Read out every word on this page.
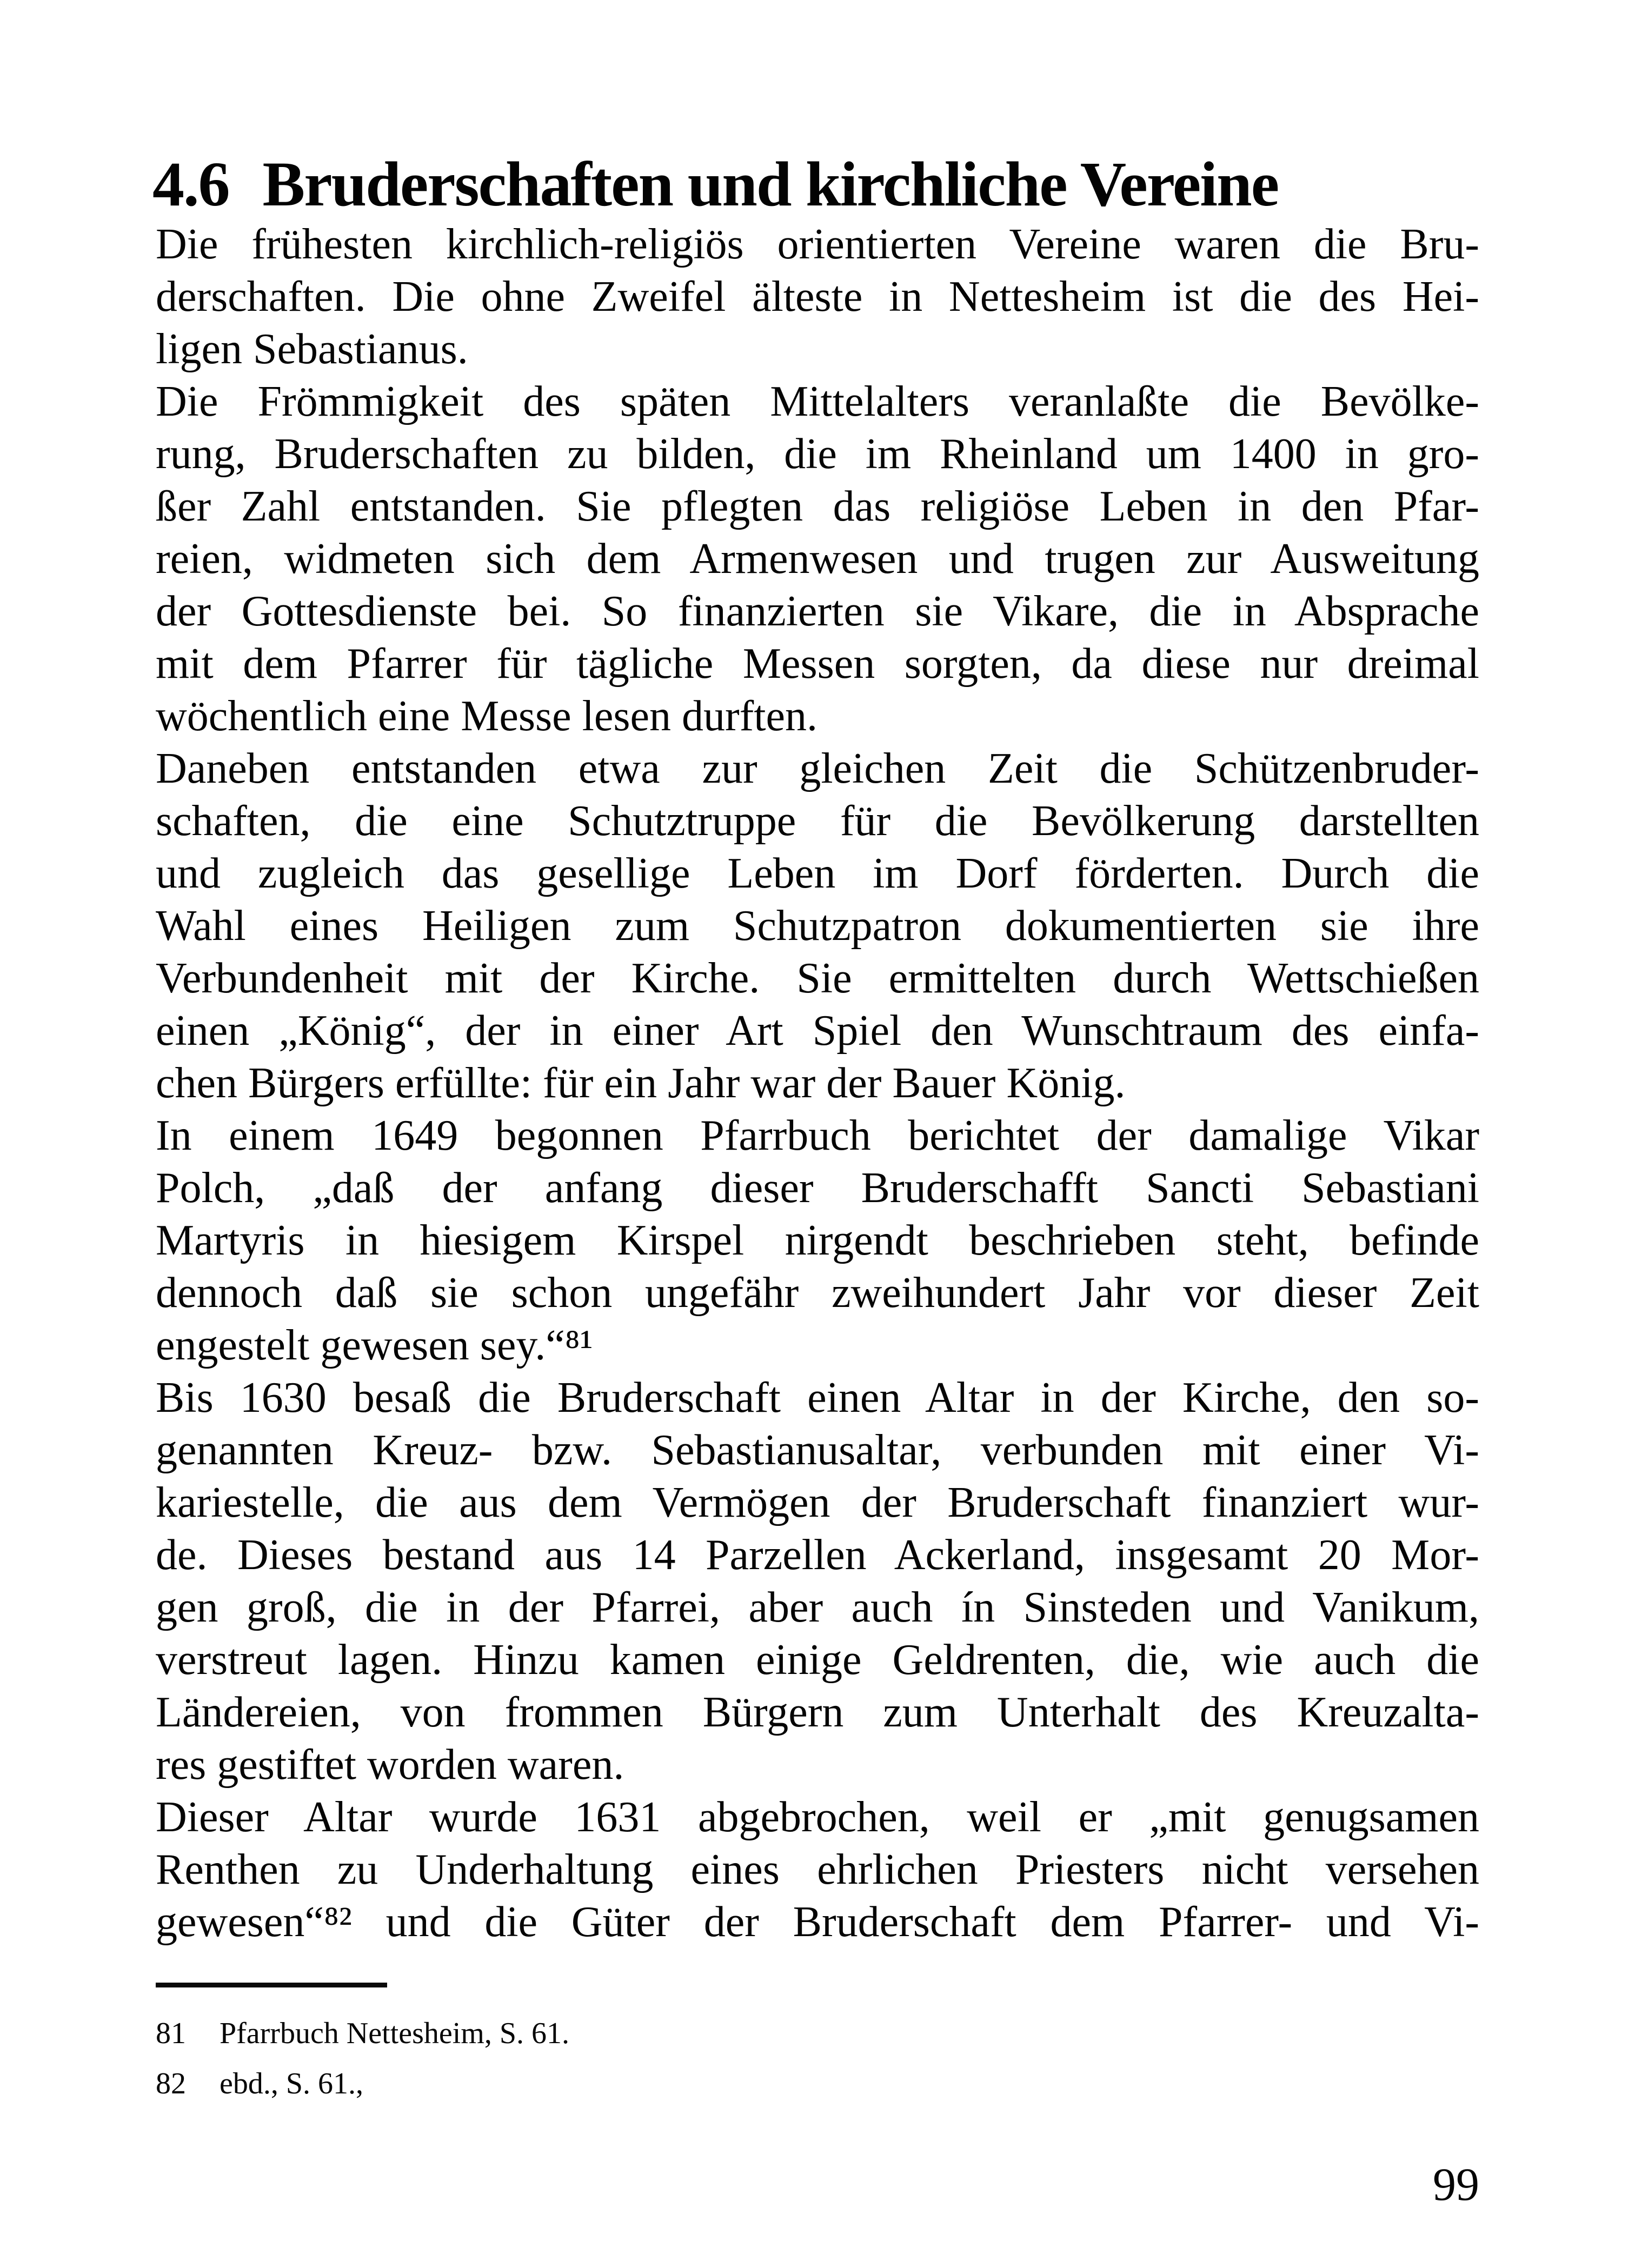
4.6 Bruderschaften und kirchliche Vereine
Die frühesten kirchlich-religiös orientierten Vereine waren die Bru-
derschaften. Die ohne Zweifel älteste in Nettesheim ist die des Hei-
ligen Sebastianus.
Die Frömmigkeit des späten Mittelalters veranlaßte die Bevölke-
rung, Bruderschaften zu bilden, die im Rheinland um 1400 in gro-
ßer Zahl entstanden. Sie pflegten das religiöse Leben in den Pfar-
reien, widmeten sich dem Armenwesen und trugen zur Ausweitung
der Gottesdienste bei. So finanzierten sie Vikare, die in Absprache
mit dem Pfarrer für tägliche Messen sorgten, da diese nur dreimal
wöchentlich eine Messe lesen durften.
Daneben entstanden etwa zur gleichen Zeit die Schützenbruder-
schaften, die eine Schutztruppe für die Bevölkerung darstellten
und zugleich das gesellige Leben im Dorf förderten. Durch die
Wahl eines Heiligen zum Schutzpatron dokumentierten sie ihre
Verbundenheit mit der Kirche. Sie ermittelten durch Wettschießen
einen „König“, der in einer Art Spiel den Wunschtraum des einfa-
chen Bürgers erfüllte: für ein Jahr war der Bauer König.
In einem 1649 begonnen Pfarrbuch berichtet der damalige Vikar
Polch, „daß der anfang dieser Bruderschafft Sancti Sebastiani
Martyris in hiesigem Kirspel nirgendt beschrieben steht, befinde
dennoch daß sie schon ungefähr zweihundert Jahr vor dieser Zeit
engestelt gewesen sey.“⁸¹
Bis 1630 besaß die Bruderschaft einen Altar in der Kirche, den so-
genannten Kreuz- bzw. Sebastianusaltar, verbunden mit einer Vi-
kariestelle, die aus dem Vermögen der Bruderschaft finanziert wur-
de. Dieses bestand aus 14 Parzellen Ackerland, insgesamt 20 Mor-
gen groß, die in der Pfarrei, aber auch ín Sinsteden und Vanikum,
verstreut lagen. Hinzu kamen einige Geldrenten, die, wie auch die
Ländereien, von frommen Bürgern zum Unterhalt des Kreuzalta-
res gestiftet worden waren.
Dieser Altar wurde 1631 abgebrochen, weil er „mit genugsamen
Renthen zu Underhaltung eines ehrlichen Priesters nicht versehen
gewesen“⁸² und die Güter der Bruderschaft dem Pfarrer- und Vi-
81	Pfarrbuch Nettesheim, S. 61.
82	ebd., S. 61.,
99
